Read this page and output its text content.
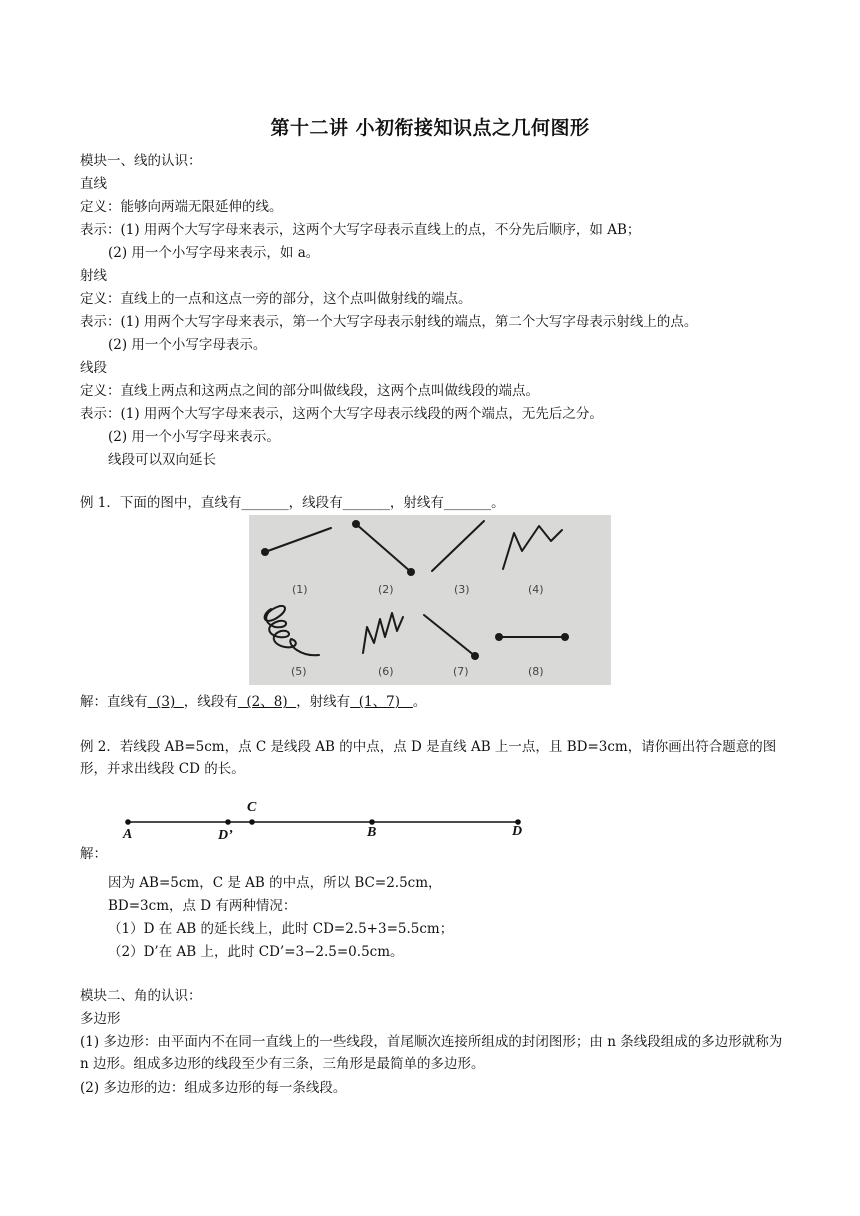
第十二讲 小初衔接知识点之几何图形
模块一、线的认识：
直线
定义：能够向两端无限延伸的线。
表示：(1) 用两个大写字母来表示，这两个大写字母表示直线上的点，不分先后顺序，如 AB；
(2) 用一个小写字母来表示，如 a。
射线
定义：直线上的一点和这点一旁的部分，这个点叫做射线的端点。
表示：(1) 用两个大写字母来表示，第一个大写字母表示射线的端点，第二个大写字母表示射线上的点。
(2) 用一个小写字母表示。
线段
定义：直线上两点和这两点之间的部分叫做线段，这两个点叫做线段的端点。
表示：(1) 用两个大写字母来表示，这两个大写字母表示线段的两个端点，无先后之分。
(2) 用一个小写字母来表示。
线段可以双向延长
例 1．下面的图中，直线有_______，线段有_______，射线有_______。
(1)	(2)	(3)	(4)
(5)	(6)	(7)	(8)
解：直线有  (3)  ，线段有  (2、8)  ，射线有  (1、7)   。
例 2．若线段 AB=5cm，点 C 是线段 AB 的中点，点 D 是直线 AB 上一点，且 BD=3cm，请你画出符合题意的图形，并求出线段 CD 的长。
A	D’
C
B	D
解：
因为 AB=5cm，C 是 AB 的中点，所以 BC=2.5cm，
BD=3cm，点 D 有两种情况：
（1）D 在 AB 的延长线上，此时 CD=2.5+3=5.5cm；
（2）D’在 AB 上，此时 CD’=3−2.5=0.5cm。
模块二、角的认识：
多边形
(1) 多边形：由平面内不在同一直线上的一些线段，首尾顺次连接所组成的封闭图形；由 n 条线段组成的多边形就称为 n 边形。组成多边形的线段至少有三条，三角形是最简单的多边形。
(2) 多边形的边：组成多边形的每一条线段。
